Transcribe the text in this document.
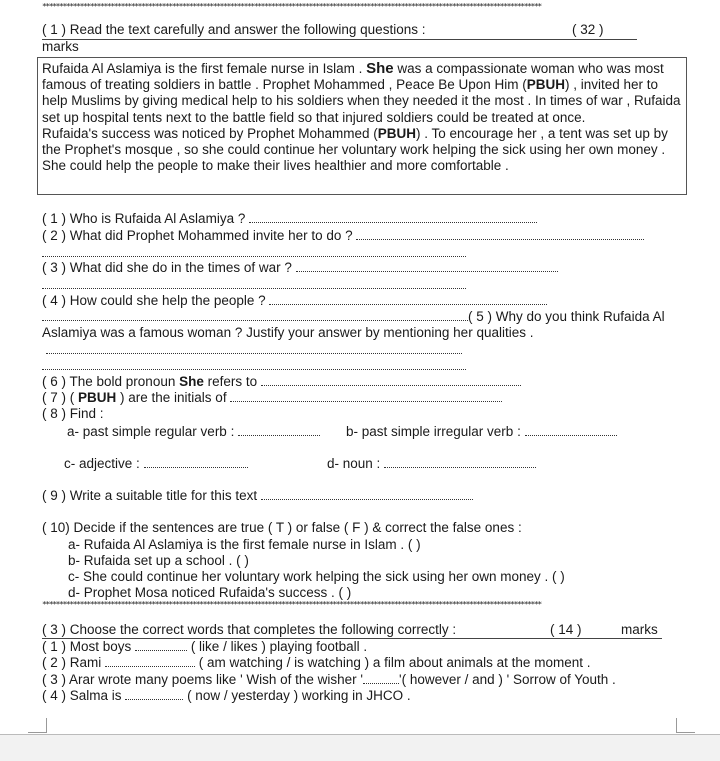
**************************************************************************************************************************************************
( 1 ) Read the text carefully and answer the following questions :	( 32 )
marks

Rufaida Al Aslamiya is the first female nurse in Islam . She was a compassionate woman who was most famous of treating soldiers in battle . Prophet Mohammed , Peace Be Upon Him (PBUH) , invited her to help Muslims by giving medical help to his soldiers when they needed it the most . In times of war , Rufaida set up hospital tents next to the battle field so that injured soldiers could be treated at once.

Rufaida's success was noticed by Prophet Mohammed (PBUH) . To encourage her , a tent was set up by the Prophet's mosque , so she could continue her voluntary work helping the sick using her own money . She could help the people to make their lives healthier and more comfortable .

( 1 ) Who is Rufaida Al Aslamiya ?
( 2 ) What did Prophet Mohammed invite her to do ?
( 3 ) What did she do in the times of war ?
( 4 ) How could she help the people ?
( 5 ) Why do you think Rufaida Al
Aslamiya was a famous woman ? Justify your answer by mentioning her qualities .
( 6 ) The bold pronoun She refers to
( 7 ) ( PBUH ) are the initials of
( 8 ) Find :
a- past simple regular verb :	b- past simple irregular verb :
c- adjective :	d- noun :
( 9 ) Write a suitable title for this text
( 10) Decide if the sentences are true ( T ) or false ( F ) & correct the false ones :
a- Rufaida Al Aslamiya is the first female nurse in Islam . ( )
b- Rufaida set up a school . ( )
c- She could continue her voluntary work helping the sick using her own money . ( )
d- Prophet Mosa noticed Rufaida's success . ( )
**************************************************************************************************************************************************
( 3 ) Choose the correct words that completes the following correctly :	( 14 )	marks
( 1 ) Most boys	( like / likes ) playing football .
( 2 ) Rami	( am watching / is watching ) a film about animals at the moment .
( 3 ) Arar wrote many poems like ' Wish of the wisher '	'( however / and ) ' Sorrow of Youth .
( 4 ) Salma is	( now / yesterday ) working in JHCO .
